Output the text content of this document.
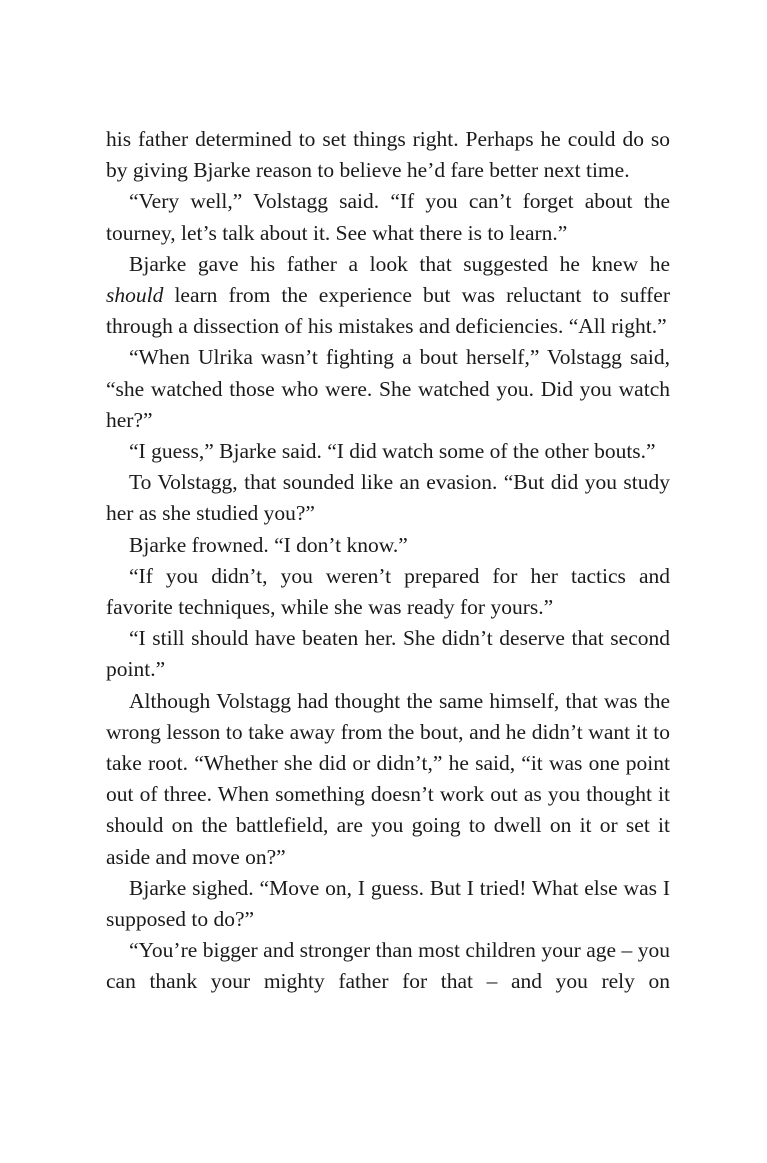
his father determined to set things right. Perhaps he could do so by giving Bjarke reason to believe he’d fare better next time.

“Very well,” Volstagg said. “If you can’t forget about the tourney, let’s talk about it. See what there is to learn.”

Bjarke gave his father a look that suggested he knew he should learn from the experience but was reluctant to suffer through a dissection of his mistakes and deficiencies. “All right.”

“When Ulrika wasn’t fighting a bout herself,” Volstagg said, “she watched those who were. She watched you. Did you watch her?”

“I guess,” Bjarke said. “I did watch some of the other bouts.”

To Volstagg, that sounded like an evasion. “But did you study her as she studied you?”

Bjarke frowned. “I don’t know.”

“If you didn’t, you weren’t prepared for her tactics and favorite techniques, while she was ready for yours.”

“I still should have beaten her. She didn’t deserve that second point.”

Although Volstagg had thought the same himself, that was the wrong lesson to take away from the bout, and he didn’t want it to take root. “Whether she did or didn’t,” he said, “it was one point out of three. When something doesn’t work out as you thought it should on the battlefield, are you going to dwell on it or set it aside and move on?”

Bjarke sighed. “Move on, I guess. But I tried! What else was I supposed to do?”

“You’re bigger and stronger than most children your age – you can thank your mighty father for that – and you rely on
